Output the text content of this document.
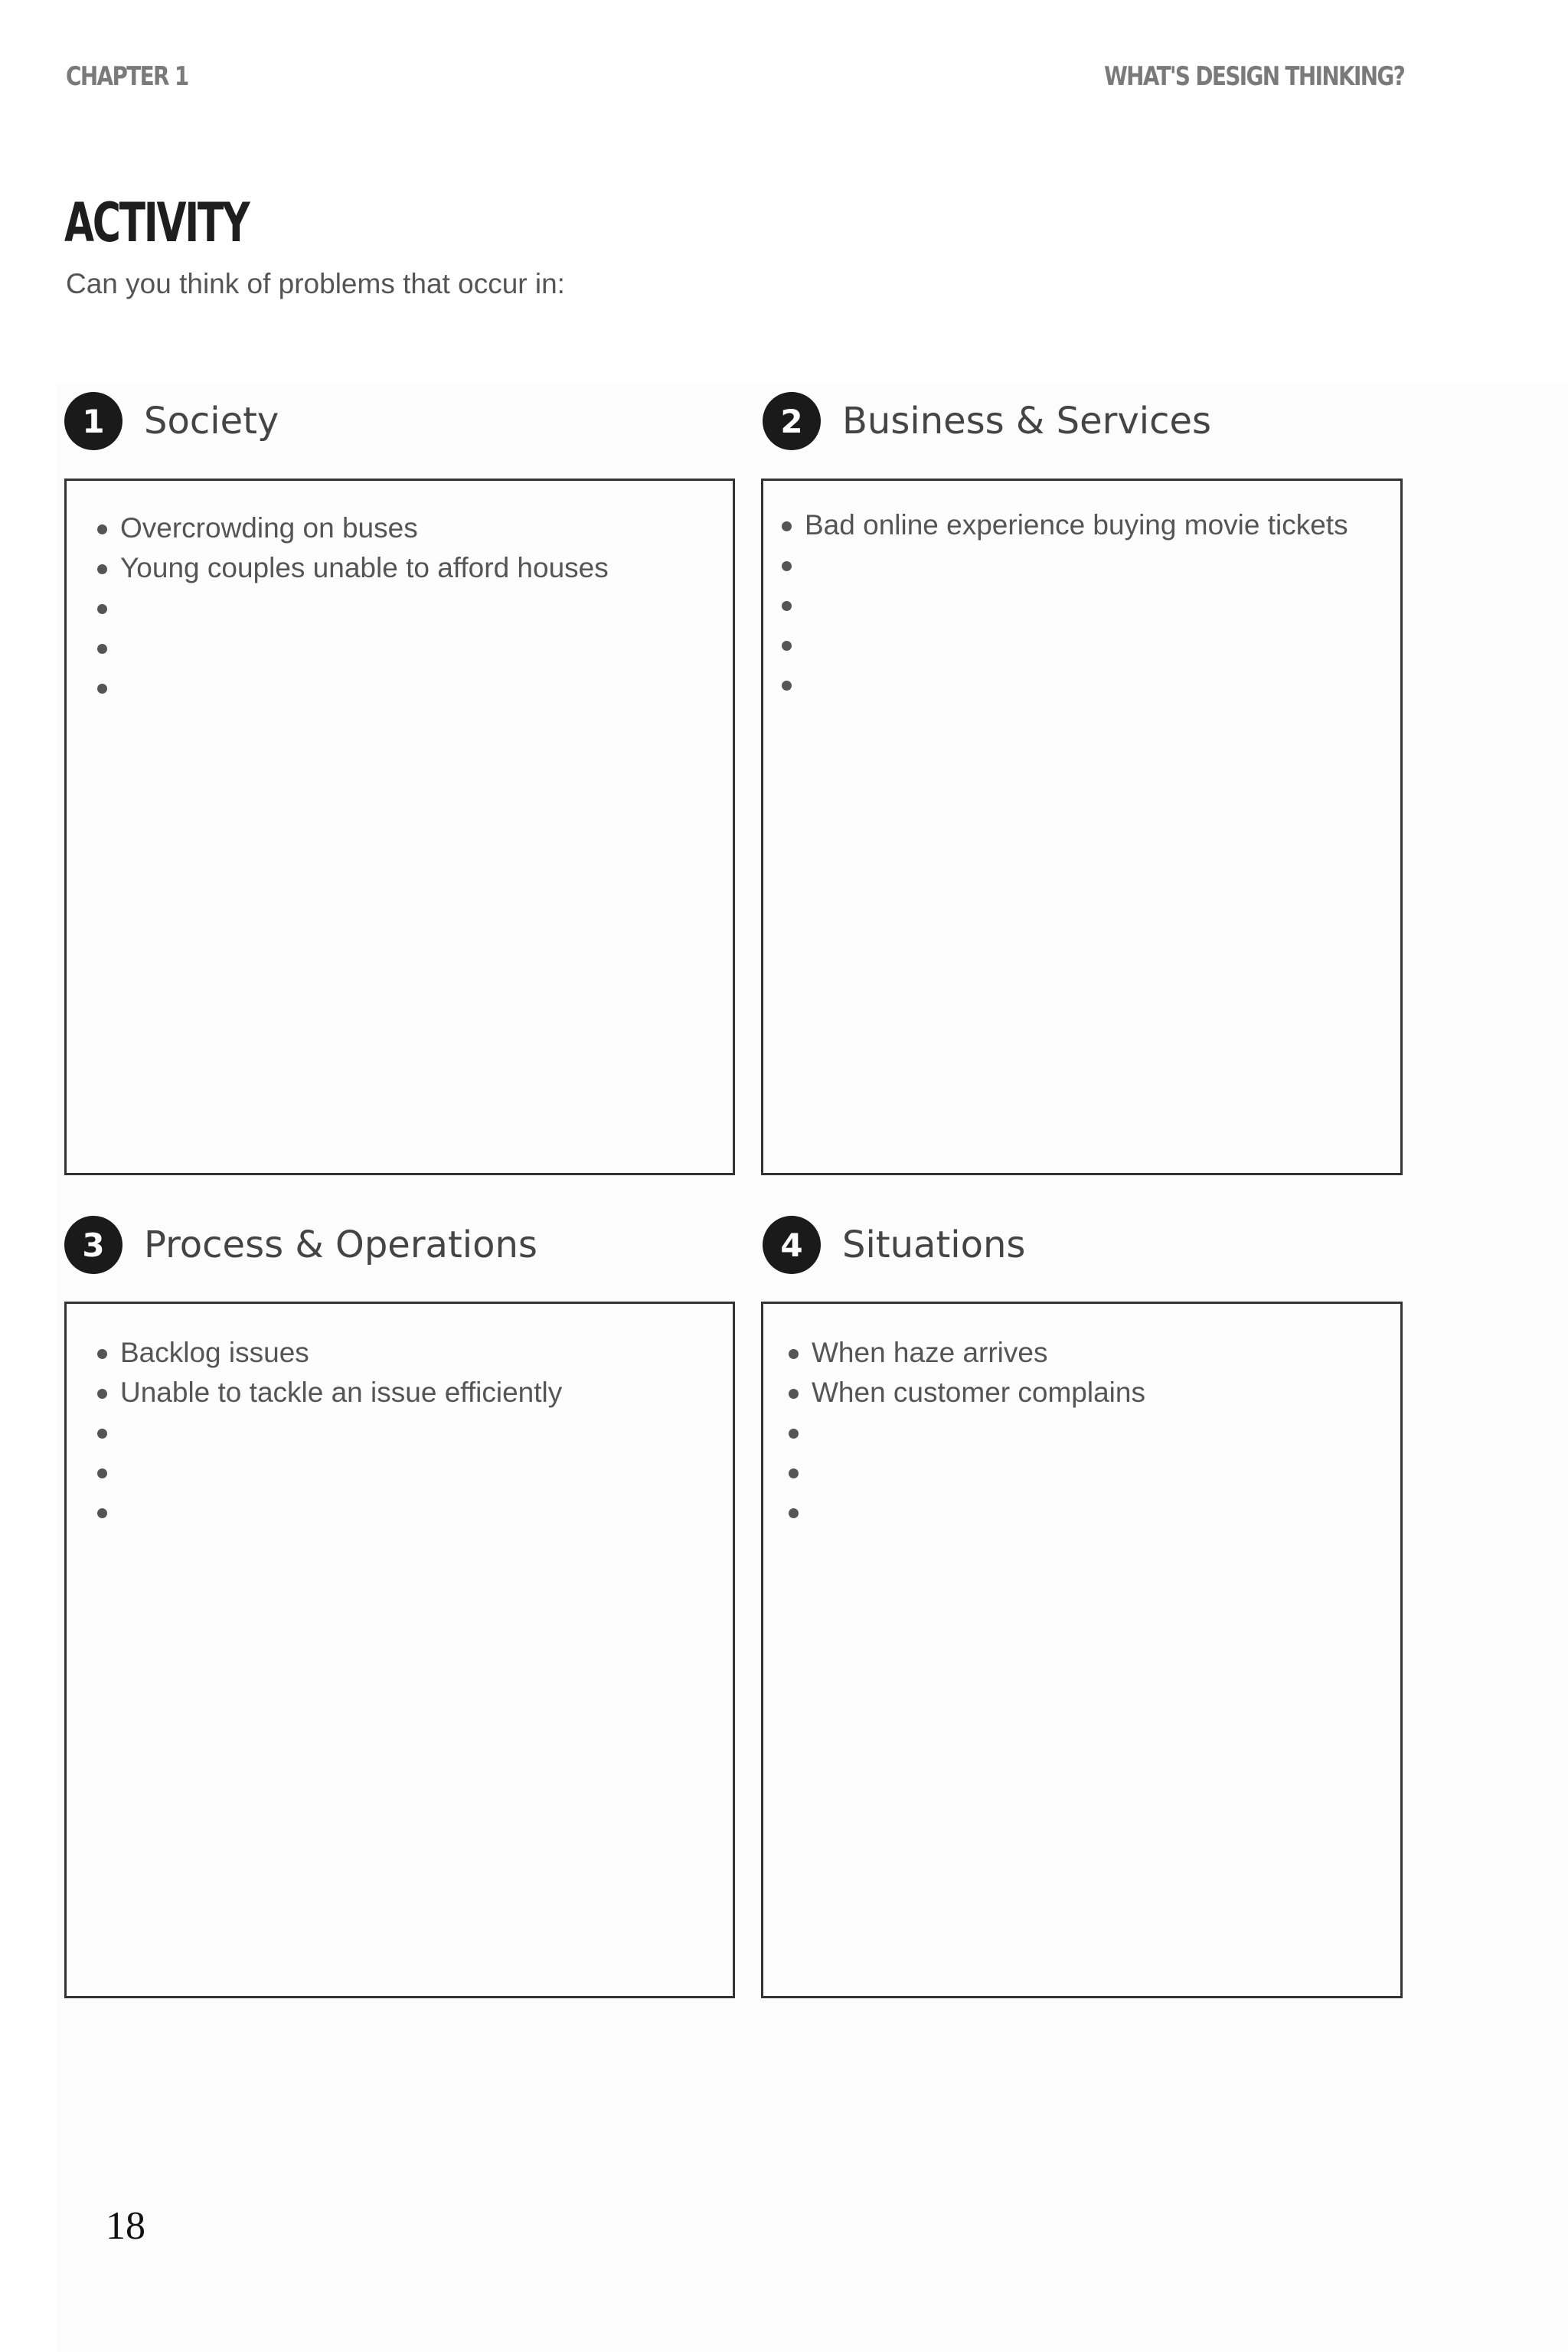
CHAPTER 1	WHAT'S DESIGN THINKING?
ACTIVITY
Can you think of problems that occur in:
1	Society
Overcrowding on buses
Young couples unable to afford houses
2	Business & Services
Bad online experience buying movie tickets
3	Process & Operations
Backlog issues
Unable to tackle an issue efficiently
4	Situations
When haze arrives
When customer complains
18
